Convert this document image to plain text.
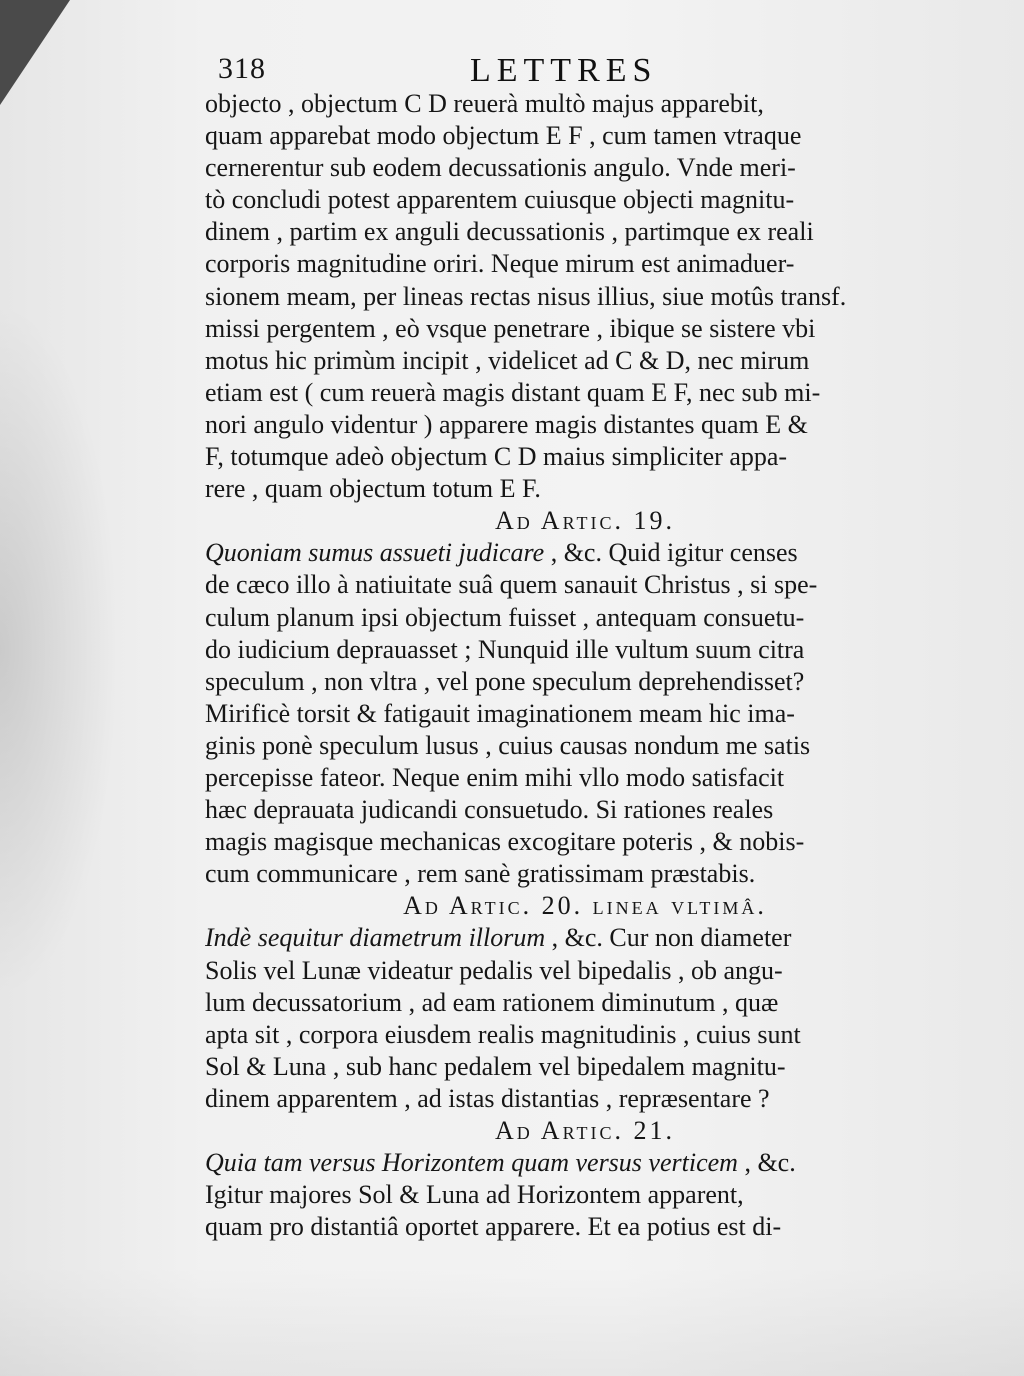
318	LETTRES
objecto , objectum C D reuerà multò majus apparebit,
quam apparebat modo objectum E F , cum tamen vtraque
cernerentur sub eodem decussationis angulo. Vnde meri-
tò concludi potest apparentem cuiusque objecti magnitu-
dinem , partim ex anguli decussationis , partimque ex reali
corporis magnitudine oriri. Neque mirum est animaduer-
sionem meam, per lineas rectas nisus illius, siue motûs transf.
missi pergentem , eò vsque penetrare , ibique se sistere vbi
motus hic primùm incipit , videlicet ad C & D, nec mirum
etiam est ( cum reuerà magis distant quam E F, nec sub mi-
nori angulo videntur ) apparere magis distantes quam E &
F, totumque adeò objectum C D maius simpliciter appa-
rere , quam objectum totum E F.
Ad Artic. 19.
Quoniam sumus assueti judicare , &c. Quid igitur censes
de cæco illo à natiuitate suâ quem sanauit Christus , si spe-
culum planum ipsi objectum fuisset , antequam consuetu-
do iudicium deprauasset ; Nunquid ille vultum suum citra
speculum , non vltra , vel pone speculum deprehendisset?
Mirificè torsit & fatigauit imaginationem meam hic ima-
ginis ponè speculum lusus , cuius causas nondum me satis
percepisse fateor. Neque enim mihi vllo modo satisfacit
hæc deprauata judicandi consuetudo. Si rationes reales
magis magisque mechanicas excogitare poteris , & nobis-
cum communicare , rem sanè gratissimam præstabis.
Ad Artic. 20. linea vltimâ.
Indè sequitur diametrum illorum , &c. Cur non diameter
Solis vel Lunæ videatur pedalis vel bipedalis , ob angu-
lum decussatorium , ad eam rationem diminutum , quæ
apta sit , corpora eiusdem realis magnitudinis , cuius sunt
Sol & Luna , sub hanc pedalem vel bipedalem magnitu-
dinem apparentem , ad istas distantias , repræsentare ?
Ad Artic. 21.
Quia tam versus Horizontem quam versus verticem , &c.
Igitur majores Sol & Luna ad Horizontem apparent,
quam pro distantiâ oportet apparere. Et ea potius est di-
